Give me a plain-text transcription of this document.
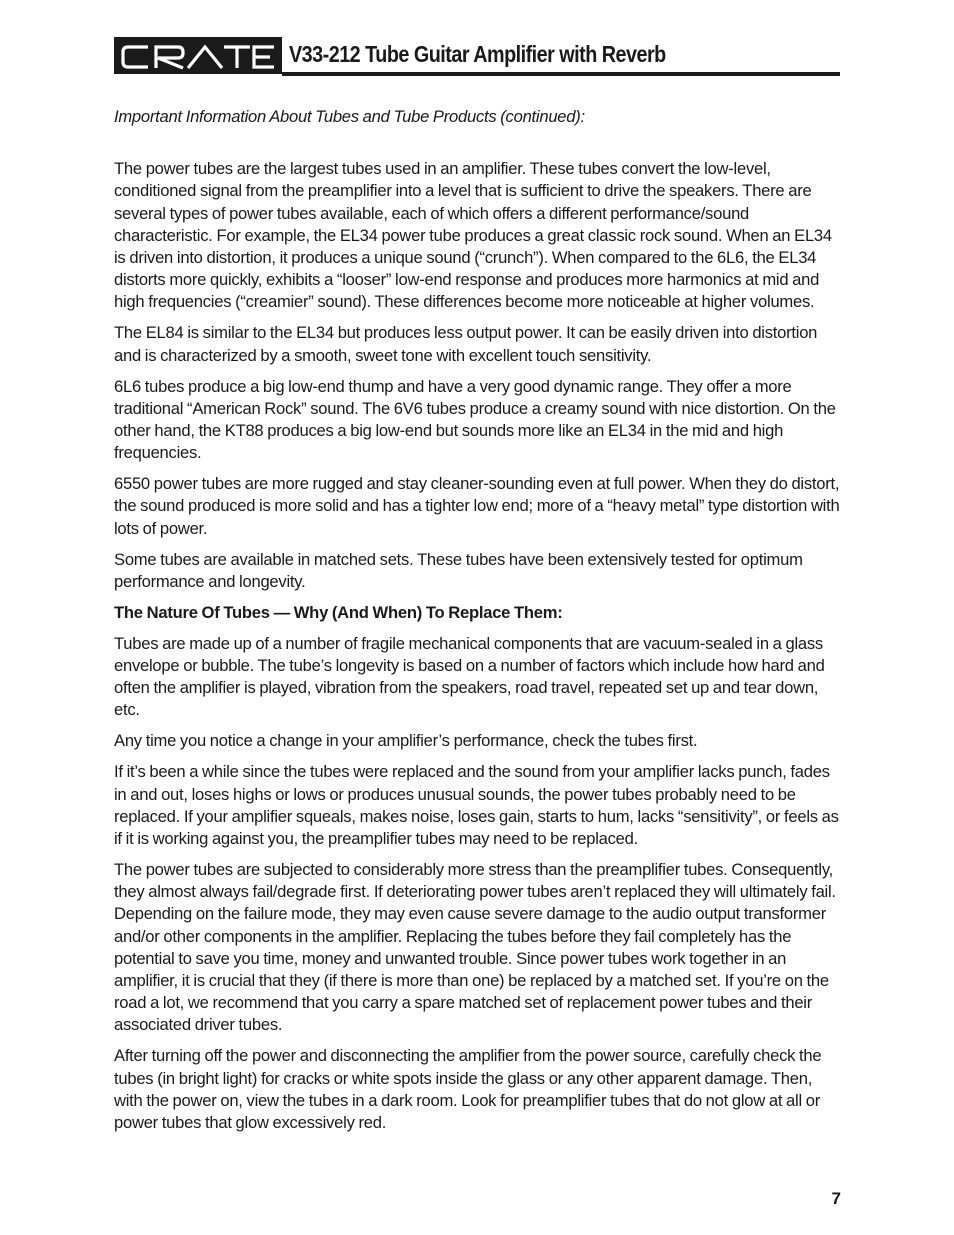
V33-212 Tube Guitar Amplifier with Reverb

Important Information About Tubes and Tube Products (continued):

The power tubes are the largest tubes used in an amplifier. These tubes convert the low-level, conditioned signal from the preamplifier into a level that is sufficient to drive the speakers. There are several types of power tubes available, each of which offers a different performance/sound characteristic. For example, the EL34 power tube produces a great classic rock sound. When an EL34 is driven into distortion, it produces a unique sound (“crunch”). When compared to the 6L6, the EL34 distorts more quickly, exhibits a “looser” low-end response and produces more harmonics at mid and high frequencies (“creamier” sound). These differences become more noticeable at higher volumes.

The EL84 is similar to the EL34 but produces less output power. It can be easily driven into distortion and is characterized by a smooth, sweet tone with excellent touch sensitivity.

6L6 tubes produce a big low-end thump and have a very good dynamic range. They offer a more traditional “American Rock” sound. The 6V6 tubes produce a creamy sound with nice distortion. On the other hand, the KT88 produces a big low-end but sounds more like an EL34 in the mid and high frequencies.

6550 power tubes are more rugged and stay cleaner-sounding even at full power. When they do distort, the sound produced is more solid and has a tighter low end; more of a “heavy metal” type distortion with lots of power.

Some tubes are available in matched sets. These tubes have been extensively tested for optimum performance and longevity.

The Nature Of Tubes — Why (And When) To Replace Them:

Tubes are made up of a number of fragile mechanical components that are vacuum-sealed in a glass envelope or bubble. The tube’s longevity is based on a number of factors which include how hard and often the amplifier is played, vibration from the speakers, road travel, repeated set up and tear down, etc.

Any time you notice a change in your amplifier’s performance, check the tubes first.

If it’s been a while since the tubes were replaced and the sound from your amplifier lacks punch, fades in and out, loses highs or lows or produces unusual sounds, the power tubes probably need to be replaced. If your amplifier squeals, makes noise, loses gain, starts to hum, lacks “sensitivity”, or feels as if it is working against you, the preamplifier tubes may need to be replaced.

The power tubes are subjected to considerably more stress than the preamplifier tubes. Consequently, they almost always fail/degrade first. If deteriorating power tubes aren’t replaced they will ultimately fail. Depending on the failure mode, they may even cause severe damage to the audio output transformer and/or other components in the amplifier. Replacing the tubes before they fail completely has the potential to save you time, money and unwanted trouble. Since power tubes work together in an amplifier, it is crucial that they (if there is more than one) be replaced by a matched set. If you’re on the road a lot, we recommend that you carry a spare matched set of replacement power tubes and their associated driver tubes.

After turning off the power and disconnecting the amplifier from the power source, carefully check the tubes (in bright light) for cracks or white spots inside the glass or any other apparent damage. Then, with the power on, view the tubes in a dark room. Look for preamplifier tubes that do not glow at all or power tubes that glow excessively red.

7
